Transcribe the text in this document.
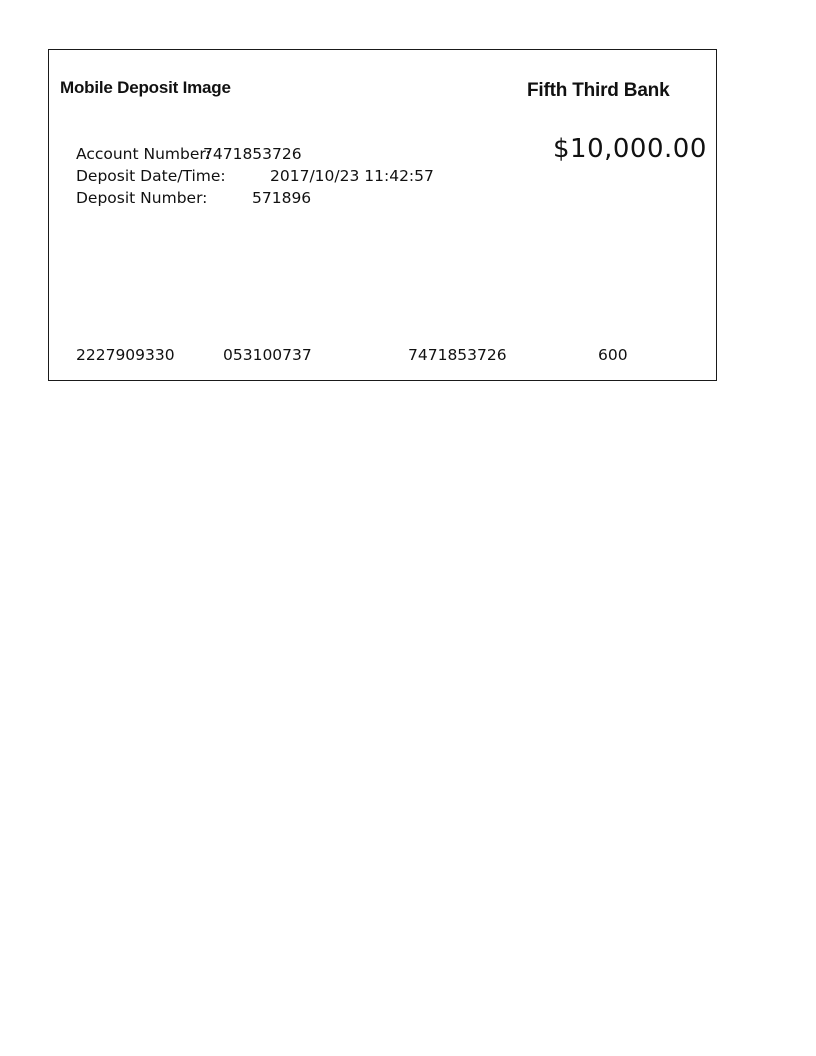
Mobile Deposit Image	Fifth Third Bank
$10,000.00
Account Number:
7471853726
Deposit Date/Time:	2017/10/23 11:42:57
Deposit Number:	571896
2227909330	053100737	7471853726	600
